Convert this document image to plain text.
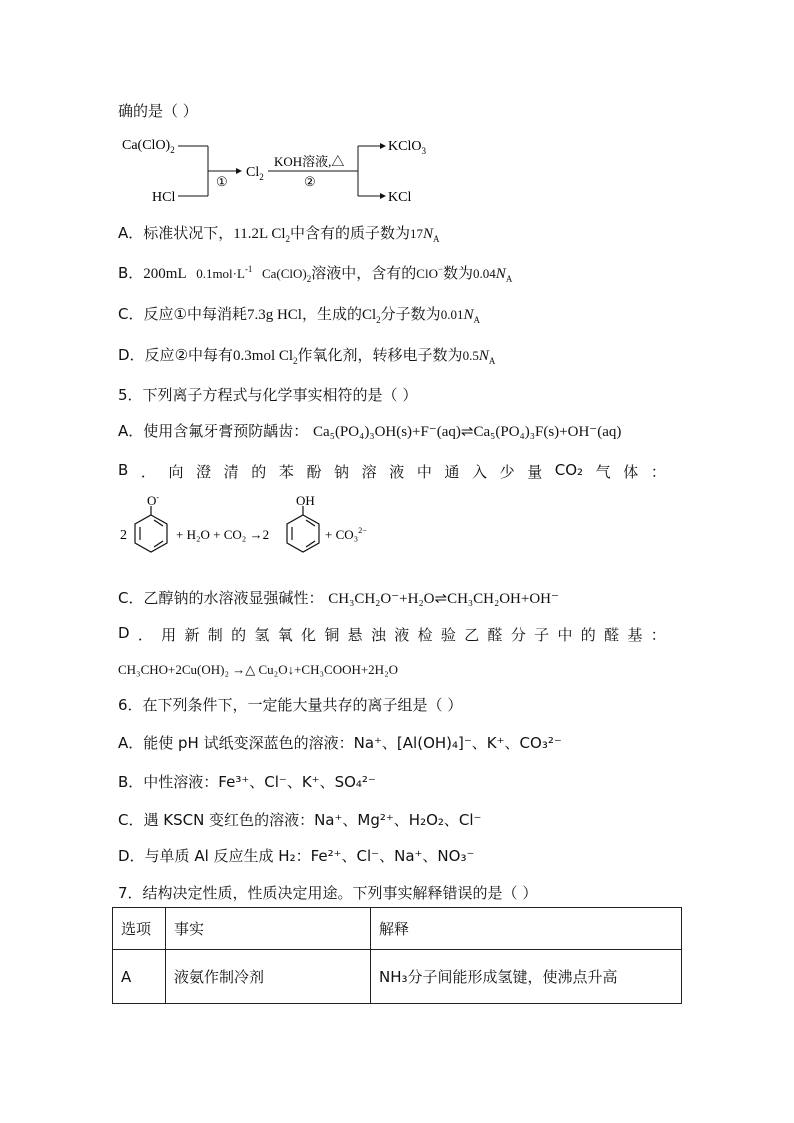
确的是（ ）
$Ca(ClO)_2$
HCl
①
$Cl_2$
KOH溶液,△
②
KClO$_3$
KCl
A．标准状况下，11.2L $Cl_2$中含有的质子数为$17N_A$
B．200mL $0.1mol\cdot L^{-1}$ $Ca(ClO)_2$溶液中，含有的ClO−数为$0.04N_A$
C．反应①中每消耗7.3g HCl，生成的$Cl_2$分子数为$0.01N_A$
D．反应②中每有0.3mol $Cl_2$作氧化剂，转移电子数为$0.5N_A$
5．下列离子方程式与化学事实相符的是（ ）
A．使用含氟牙膏预防龋齿： Ca₅(PO₄)₃OH(s)+F⁻(aq)⇌Ca₅(PO₄)₃F(s)+OH⁻(aq)
B ． 向 澄 清 的 苯 酚 钠 溶 液 中 通 入 少 量 CO₂ 气 体 ：
2
O-
+ H₂O + CO₂ →2
OH
+ CO₃$^{2-}$
C．乙醇钠的水溶液显强碱性： CH₃CH₂O⁻+H₂O⇌CH₃CH₂OH+OH⁻
D ． 用 新 制 的 氢 氧 化 铜 悬 浊 液 检 验 乙 醛 分 子 中 的 醛 基 ：
CH₃CHO+2Cu(OH)₂ →△ Cu₂O↓+CH₃COOH+2H₂O
6．在下列条件下，一定能大量共存的离子组是（ ）
A．能使 pH 试纸变深蓝色的溶液：Na⁺、[Al(OH)₄]⁻、K⁺、CO₃²⁻
B．中性溶液：Fe³⁺、Cl⁻、K⁺、SO₄²⁻
C．遇 KSCN 变红色的溶液：Na⁺、Mg²⁺、H₂O₂、Cl⁻
D．与单质 Al 反应生成 H₂：Fe²⁺、Cl⁻、Na⁺、NO₃⁻
7．结构决定性质，性质决定用途。下列事实解释错误的是（ ）
选项	事实	解释
A	液氨作制冷剂	NH₃分子间能形成氢键，使沸点升高
